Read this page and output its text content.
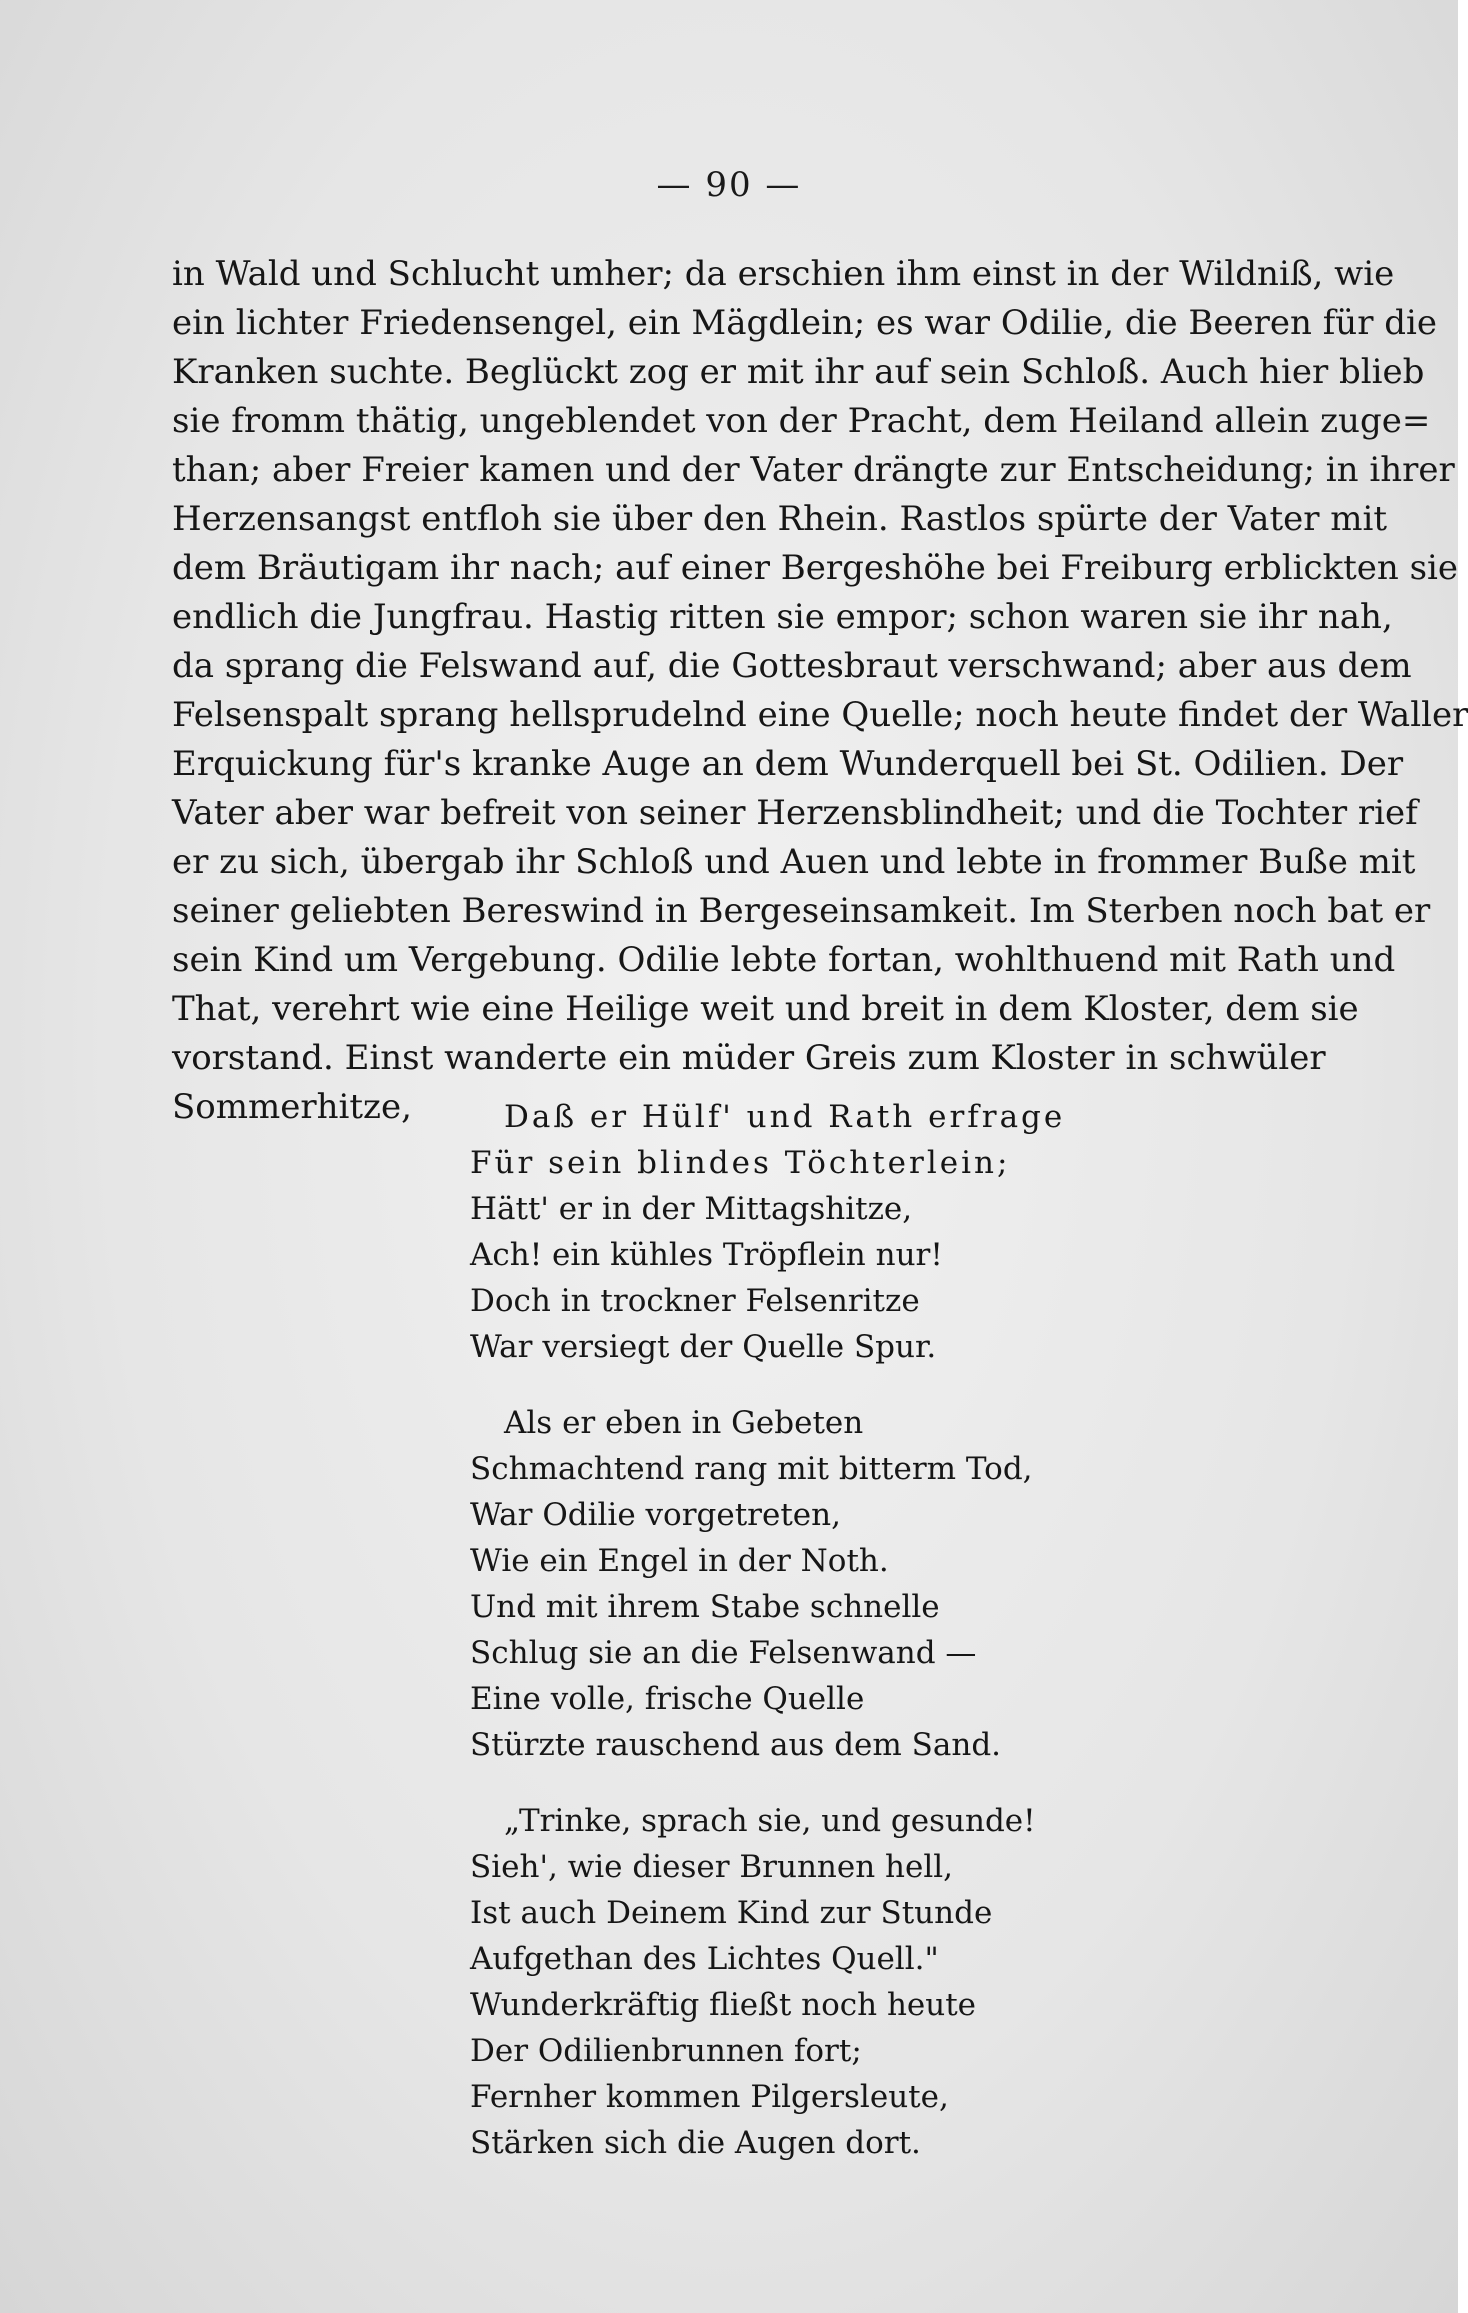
— 90 —
in Wald und Schlucht umher; da erschien ihm einst in der Wildniß, wie
ein lichter Friedensengel, ein Mägdlein; es war Odilie, die Beeren für die
Kranken suchte. Beglückt zog er mit ihr auf sein Schloß. Auch hier blieb
sie fromm thätig, ungeblendet von der Pracht, dem Heiland allein zuge=
than; aber Freier kamen und der Vater drängte zur Entscheidung; in ihrer
Herzensangst entfloh sie über den Rhein. Rastlos spürte der Vater mit
dem Bräutigam ihr nach; auf einer Bergeshöhe bei Freiburg erblickten sie
endlich die Jungfrau. Hastig ritten sie empor; schon waren sie ihr nah,
da sprang die Felswand auf, die Gottesbraut verschwand; aber aus dem
Felsenspalt sprang hellsprudelnd eine Quelle; noch heute findet der Waller
Erquickung für's kranke Auge an dem Wunderquell bei St. Odilien. Der
Vater aber war befreit von seiner Herzensblindheit; und die Tochter rief
er zu sich, übergab ihr Schloß und Auen und lebte in frommer Buße mit
seiner geliebten Bereswind in Bergeseinsamkeit. Im Sterben noch bat er
sein Kind um Vergebung. Odilie lebte fortan, wohlthuend mit Rath und
That, verehrt wie eine Heilige weit und breit in dem Kloster, dem sie
vorstand. Einst wanderte ein müder Greis zum Kloster in schwüler
Sommerhitze,	Daß er Hülf' und Rath erfrage
Für sein blindes Töchterlein;
Hätt' er in der Mittagshitze,
Ach! ein kühles Tröpflein nur!
Doch in trockner Felsenritze
War versiegt der Quelle Spur.
Als er eben in Gebeten
Schmachtend rang mit bitterm Tod,
War Odilie vorgetreten,
Wie ein Engel in der Noth.
Und mit ihrem Stabe schnelle
Schlug sie an die Felsenwand —
Eine volle, frische Quelle
Stürzte rauschend aus dem Sand.
„Trinke, sprach sie, und gesunde!
Sieh', wie dieser Brunnen hell,
Ist auch Deinem Kind zur Stunde
Aufgethan des Lichtes Quell."
Wunderkräftig fließt noch heute
Der Odilienbrunnen fort;
Fernher kommen Pilgersleute,
Stärken sich die Augen dort.
